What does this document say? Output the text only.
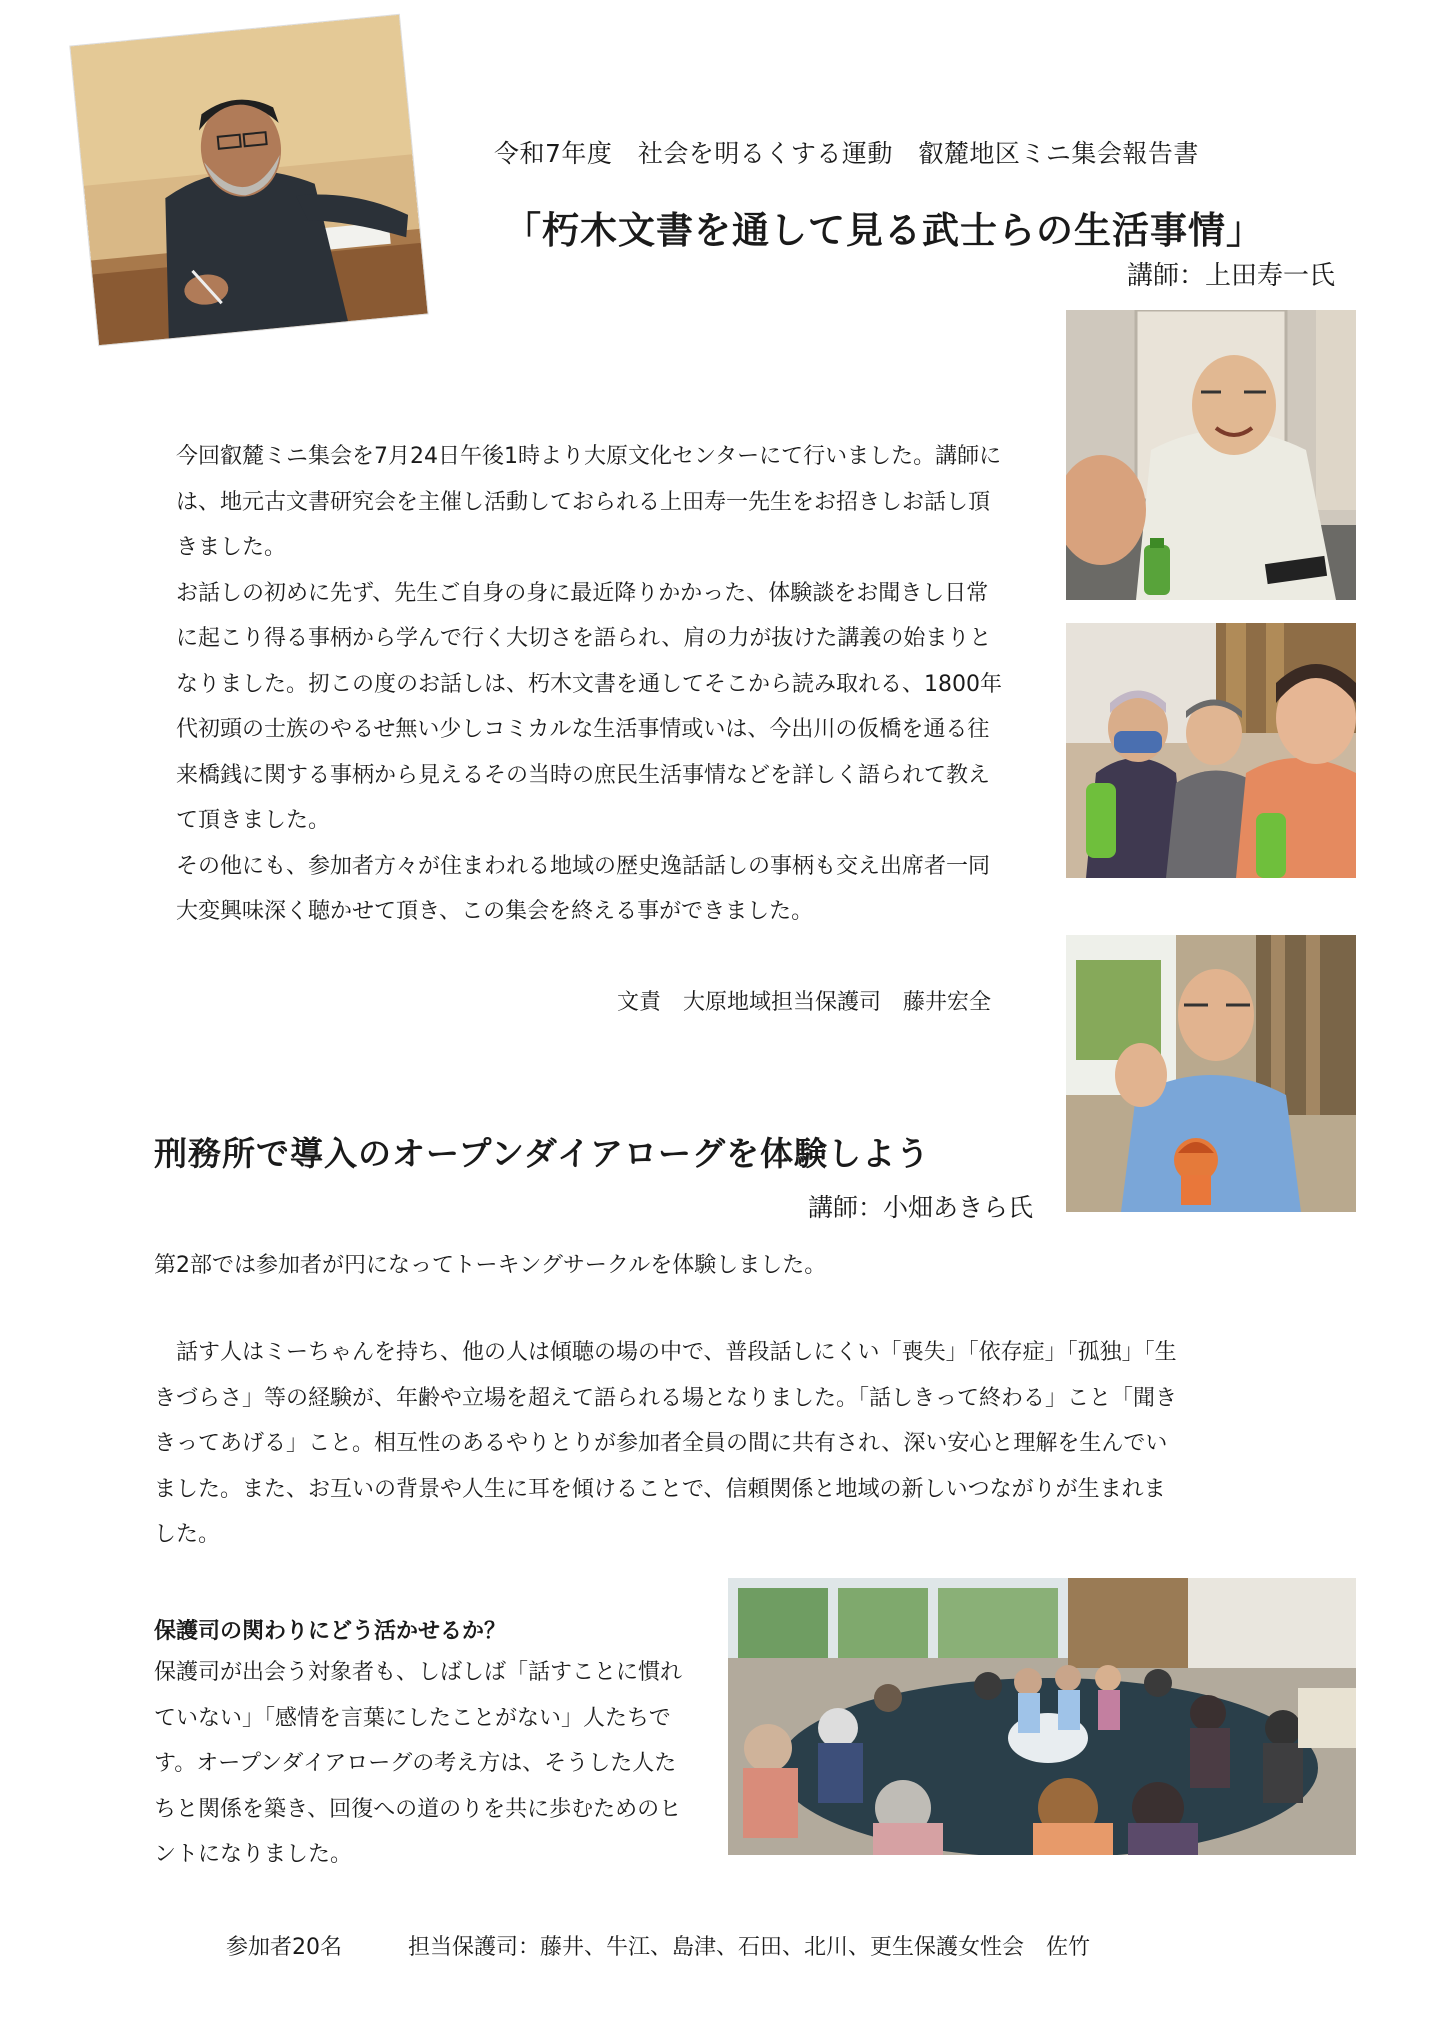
令和7年度　社会を明るくする運動　叡麓地区ミニ集会報告書
「朽木文書を通して見る武士らの生活事情」
講師：上田寿一氏

今回叡麓ミニ集会を7月24日午後1時より大原文化センターにて行いました。講師には、地元古文書研究会を主催し活動しておられる上田寿一先生をお招きしお話し頂きました。

お話しの初めに先ず、先生ご自身の身に最近降りかかった、体験談をお聞きし日常に起こり得る事柄から学んで行く大切さを語られ、肩の力が抜けた講義の始まりとなりました。扨この度のお話しは、朽木文書を通してそこから読み取れる、1800年代初頭の士族のやるせ無い少しコミカルな生活事情或いは、今出川の仮橋を通る往来橋銭に関する事柄から見えるその当時の庶民生活事情などを詳しく語られて教えて頂きました。

その他にも、参加者方々が住まわれる地域の歴史逸話話しの事柄も交え出席者一同大変興味深く聴かせて頂き、この集会を終える事ができました。

文責　大原地域担当保護司　藤井宏全
刑務所で導入のオープンダイアローグを体験しよう
講師：小畑あきら氏
第2部では参加者が円になってトーキングサークルを体験しました。

　話す人はミーちゃんを持ち、他の人は傾聴の場の中で、普段話しにくい「喪失」「依存症」「孤独」「生きづらさ」等の経験が、年齢や立場を超えて語られる場となりました。「話しきって終わる」こと「聞ききってあげる」こと。相互性のあるやりとりが参加者全員の間に共有され、深い安心と理解を生んでいました。また、お互いの背景や人生に耳を傾けることで、信頼関係と地域の新しいつながりが生まれました。

保護司の関わりにどう活かせるか？

保護司が出会う対象者も、しばしば「話すことに慣れていない」「感情を言葉にしたことがない」人たちです。オープンダイアローグの考え方は、そうした人たちと関係を築き、回復への道のりを共に歩むためのヒントになりました。

参加者20名　　　	担当保護司：藤井、牛江、島津、石田、北川、更生保護女性会　佐竹
